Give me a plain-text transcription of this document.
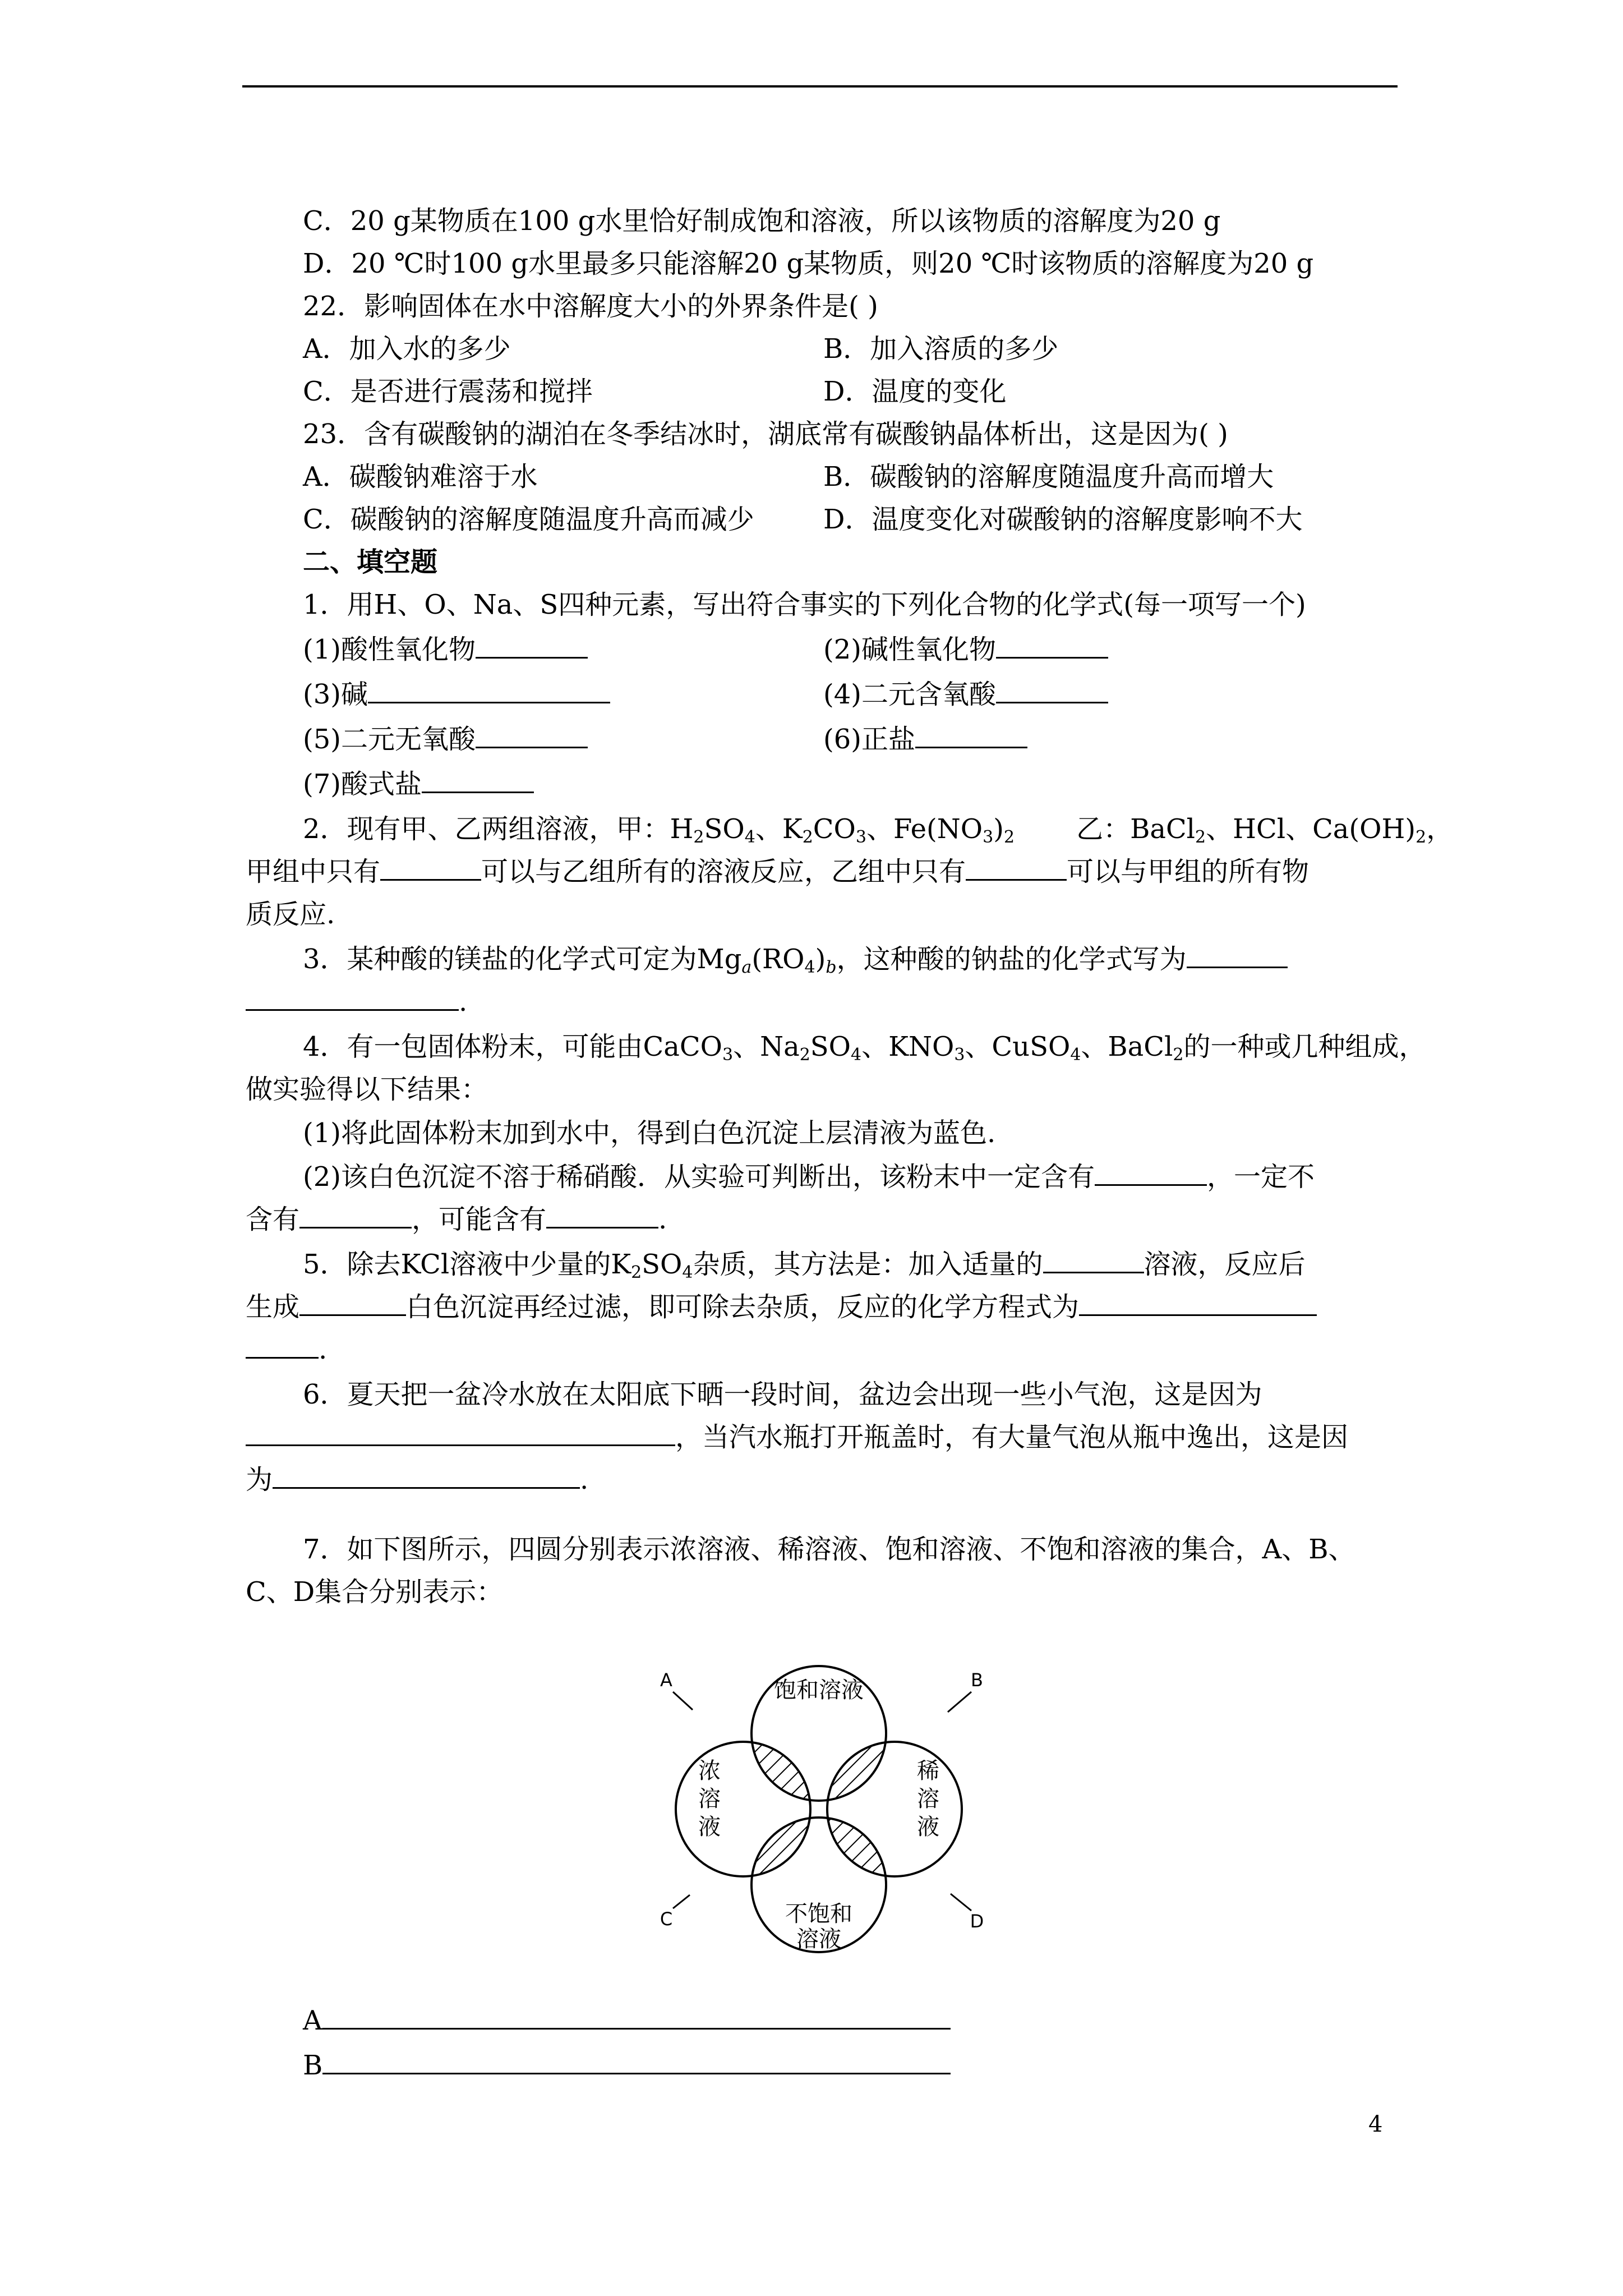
C．20 g某物质在100 g水里恰好制成饱和溶液，所以该物质的溶解度为20 g
D．20 ℃时100 g水里最多只能溶解20 g某物质，则20 ℃时该物质的溶解度为20 g
22．影响固体在水中溶解度大小的外界条件是( )
A．加入水的多少	B．加入溶质的多少
C．是否进行震荡和搅拌	D．温度的变化
23．含有碳酸钠的湖泊在冬季结冰时，湖底常有碳酸钠晶体析出，这是因为( )
A．碳酸钠难溶于水	B．碳酸钠的溶解度随温度升高而增大
C．碳酸钠的溶解度随温度升高而减少	D．温度变化对碳酸钠的溶解度影响不大
二、填空题
1．用H、O、Na、S四种元素，写出符合事实的下列化合物的化学式(每一项写一个)
(1)酸性氧化物	(2)碱性氧化物
(3)碱	(4)二元含氧酸
(5)二元无氧酸	(6)正盐
(7)酸式盐
2．现有甲、乙两组溶液，甲：$H_2SO_4$、$K_2CO_3$、$Fe(NO_3)_2$ 乙：BaCl$_2$、HCl、$Ca(OH)_2$，
甲组中只有	可以与乙组所有的溶液反应，乙组中只有	可以与甲组的所有物
质反应.
3．某种酸的镁盐的化学式可定为$Mg_a(RO_4)_b$，这种酸的钠盐的化学式写为
.
4．有一包固体粉末，可能由CaCO$_3$、$Na_2SO_4$、$KNO_3$、CuSO$_4$、BaCl$_2$的一种或几种组成，
做实验得以下结果：
(1)将此固体粉末加到水中，得到白色沉淀上层清液为蓝色.
(2)该白色沉淀不溶于稀硝酸．从实验可判断出，该粉末中一定含有	，一定不
含有	，可能含有	.
5．除去KCl溶液中少量的$K_2SO_4$杂质，其方法是：加入适量的	溶液，反应后
生成	白色沉淀再经过滤，即可除去杂质，反应的化学方程式为
.
6．夏天把一盆冷水放在太阳底下晒一段时间，盆边会出现一些小气泡，这是因为
，当汽水瓶打开瓶盖时，有大量气泡从瓶中逸出，这是因
为	.
7．如下图所示，四圆分别表示浓溶液、稀溶液、饱和溶液、不饱和溶液的集合，A、B、
C、D集合分别表示：
饱和溶液
浓
溶
液
稀
溶
液
不饱和
溶液
A	B
C	D
A
B
4
